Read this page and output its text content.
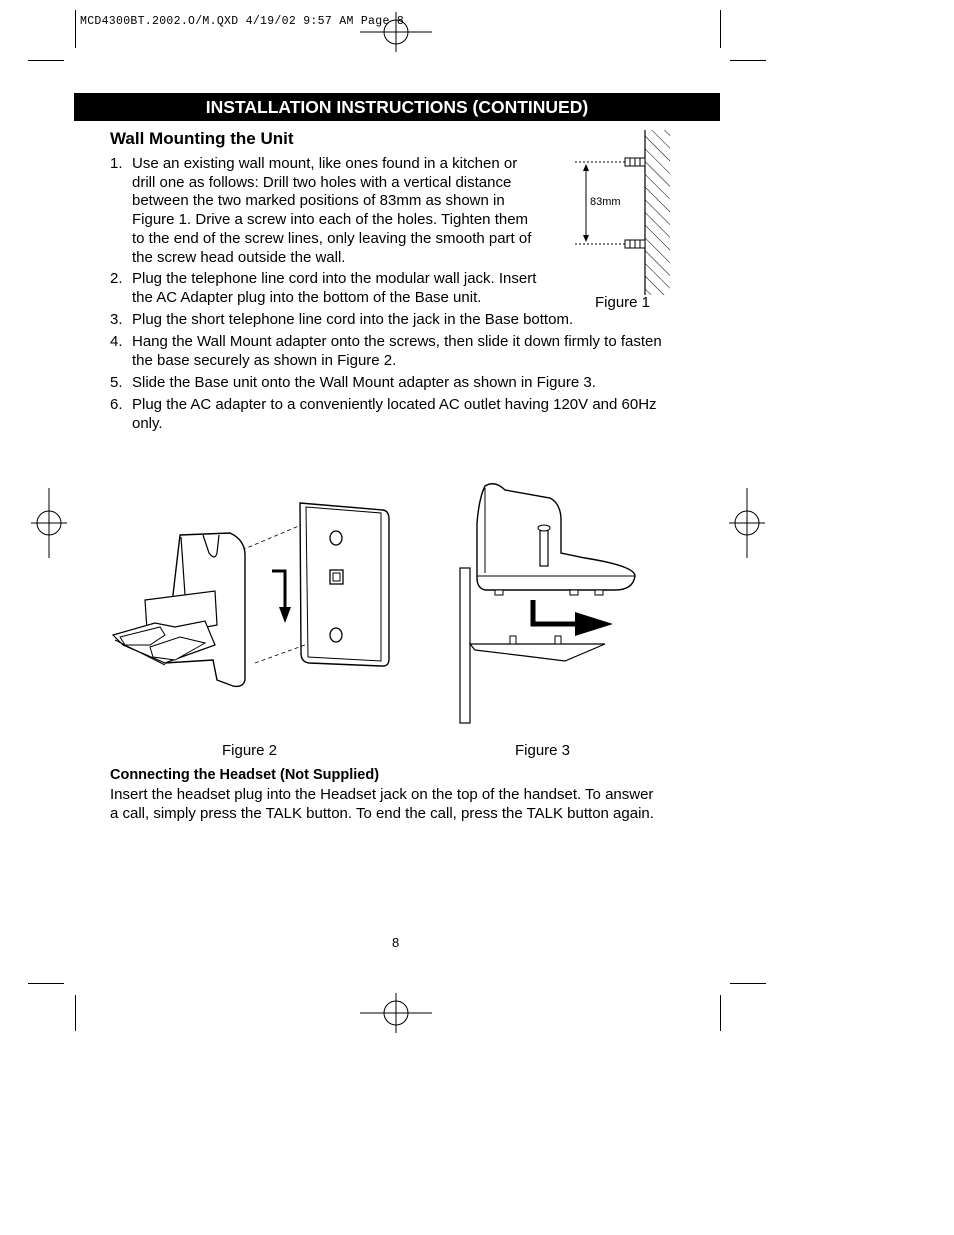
MCD4300BT.2002.O/M.QXD 4/19/02 9:57 AM Page 8
INSTALLATION INSTRUCTIONS (CONTINUED)
Wall Mounting the Unit
1. Use an existing wall mount, like ones found in a kitchen or
drill one as follows: Drill two holes with a vertical distance
between the two marked positions of 83mm as shown in
Figure 1. Drive a screw into each of the holes. Tighten them
to the end of the screw lines, only leaving the smooth part of
the screw head outside the wall.
2. Plug the telephone line cord into the modular wall jack. Insert
the AC Adapter plug into the bottom of the Base unit.
3. Plug the short telephone line cord into the jack in the Base bottom.
4. Hang the Wall Mount adapter onto the screws, then slide it down firmly to fasten
the base securely as shown in Figure 2.
5. Slide the Base unit onto the Wall Mount adapter as shown in Figure 3.
6. Plug the AC adapter to a conveniently located AC outlet having 120V and 60Hz
only.
83mm
Figure 1
Figure 2	Figure 3
Connecting the Headset (Not Supplied)
Insert the headset plug into the Headset jack on the top of the handset. To answer
a call, simply press the TALK button. To end the call, press the TALK button again.
8
